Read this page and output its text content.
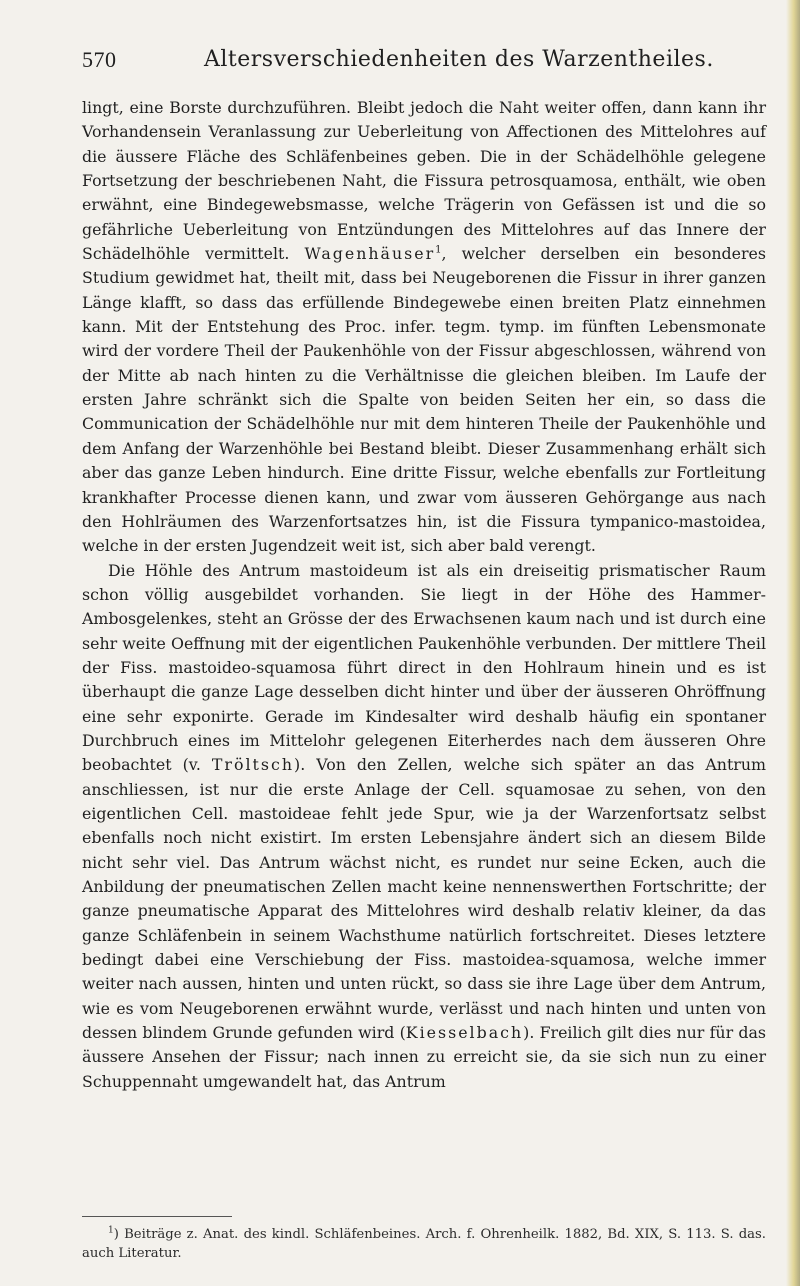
570	Altersverschiedenheiten des Warzentheiles.

lingt, eine Borste durchzuführen. Bleibt jedoch die Naht weiter offen, dann kann ihr Vorhandensein Veranlassung zur Ueberleitung von Affectionen des Mittelohres auf die äussere Fläche des Schläfenbeines geben. Die in der Schädelhöhle gelegene Fortsetzung der beschriebenen Naht, die Fissura petrosquamosa, enthält, wie oben erwähnt, eine Bindegewebsmasse, welche Trägerin von Gefässen ist und die so gefährliche Ueberleitung von Entzündungen des Mittelohres auf das Innere der Schädelhöhle vermittelt. Wagenhäuser$^1$, welcher derselben ein besonderes Studium gewidmet hat, theilt mit, dass bei Neugeborenen die Fissur in ihrer ganzen Länge klafft, so dass das erfüllende Bindegewebe einen breiten Platz einnehmen kann. Mit der Entstehung des Proc. infer. tegm. tymp. im fünften Lebensmonate wird der vordere Theil der Paukenhöhle von der Fissur abgeschlossen, während von der Mitte ab nach hinten zu die Verhältnisse die gleichen bleiben. Im Laufe der ersten Jahre schränkt sich die Spalte von beiden Seiten her ein, so dass die Communication der Schädelhöhle nur mit dem hinteren Theile der Paukenhöhle und dem Anfang der Warzenhöhle bei Bestand bleibt. Dieser Zusammenhang erhält sich aber das ganze Leben hindurch. Eine dritte Fissur, welche ebenfalls zur Fortleitung krankhafter Processe dienen kann, und zwar vom äusseren Gehörgange aus nach den Hohlräumen des Warzenfortsatzes hin, ist die Fissura tympanico-mastoidea, welche in der ersten Jugendzeit weit ist, sich aber bald verengt.

Die Höhle des Antrum mastoideum ist als ein dreiseitig prismatischer Raum schon völlig ausgebildet vorhanden. Sie liegt in der Höhe des Hammer-Ambosgelenkes, steht an Grösse der des Erwachsenen kaum nach und ist durch eine sehr weite Oeffnung mit der eigentlichen Paukenhöhle verbunden. Der mittlere Theil der Fiss. mastoideo-squamosa führt direct in den Hohlraum hinein und es ist überhaupt die ganze Lage desselben dicht hinter und über der äusseren Ohröffnung eine sehr exponirte. Gerade im Kindesalter wird deshalb häufig ein spontaner Durchbruch eines im Mittelohr gelegenen Eiterherdes nach dem äusseren Ohre beobachtet (v. Tröltsch). Von den Zellen, welche sich später an das Antrum anschliessen, ist nur die erste Anlage der Cell. squamosae zu sehen, von den eigentlichen Cell. mastoideae fehlt jede Spur, wie ja der Warzenfortsatz selbst ebenfalls noch nicht existirt. Im ersten Lebensjahre ändert sich an diesem Bilde nicht sehr viel. Das Antrum wächst nicht, es rundet nur seine Ecken, auch die Anbildung der pneumatischen Zellen macht keine nennenswerthen Fortschritte; der ganze pneumatische Apparat des Mittelohres wird deshalb relativ kleiner, da das ganze Schläfenbein in seinem Wachsthume natürlich fortschreitet. Dieses letztere bedingt dabei eine Verschiebung der Fiss. mastoidea-squamosa, welche immer weiter nach aussen, hinten und unten rückt, so dass sie ihre Lage über dem Antrum, wie es vom Neugeborenen erwähnt wurde, verlässt und nach hinten und unten von dessen blindem Grunde gefunden wird (Kiesselbach). Freilich gilt dies nur für das äussere Ansehen der Fissur; nach innen zu erreicht sie, da sie sich nun zu einer Schuppennaht umgewandelt hat, das Antrum

$^1$) Beiträge z. Anat. des kindl. Schläfenbeines. Arch. f. Ohrenheilk. 1882, Bd. XIX, S. 113. S. das. auch Literatur.
